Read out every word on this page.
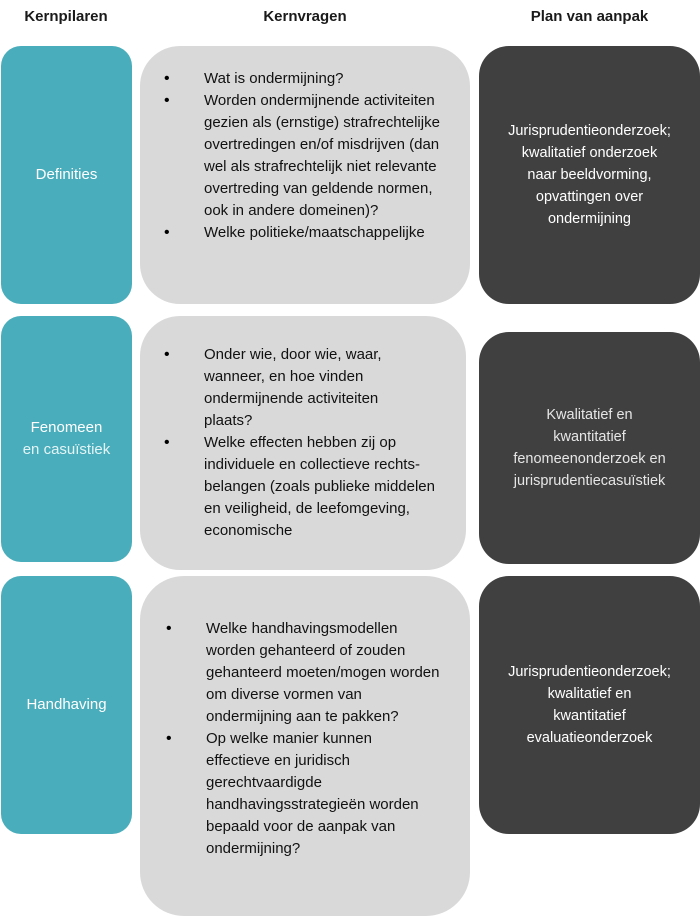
Kernpilaren	Kernvragen	Plan van aanpak
Definities
• Wat is ondermijning?
• Worden ondermijnende activiteiten gezien als (ernstige) strafrechtelijke overtredingen en/of misdrijven (dan wel als strafrechtelijk niet relevante overtreding van geldende normen, ook in andere domeinen)?
• Welke politieke/maatschappelijke
Jurisprudentieonderzoek;
kwalitatief onderzoek
naar beeldvorming,
opvattingen over
ondermijning
Fenomeen
en casuïstiek
• Onder wie, door wie, waar, wanneer, en hoe vinden ondermijnende activiteiten plaats?
• Welke effecten hebben zij op individuele en collectieve rechts-belangen (zoals publieke middelen en veiligheid, de leefomgeving, economische
Kwalitatief en
kwantitatief
fenomeenonderzoek en
jurisprudentiecasuïstiek
Handhaving
• Welke handhavingsmodellen worden gehanteerd of zouden gehanteerd moeten/mogen worden om diverse vormen van ondermijning aan te pakken?
• Op welke manier kunnen effectieve en juridisch gerechtvaardigde handhavingsstrategieën worden bepaald voor de aanpak van ondermijning?
Jurisprudentieonderzoek;
kwalitatief en
kwantitatief
evaluatieonderzoek
